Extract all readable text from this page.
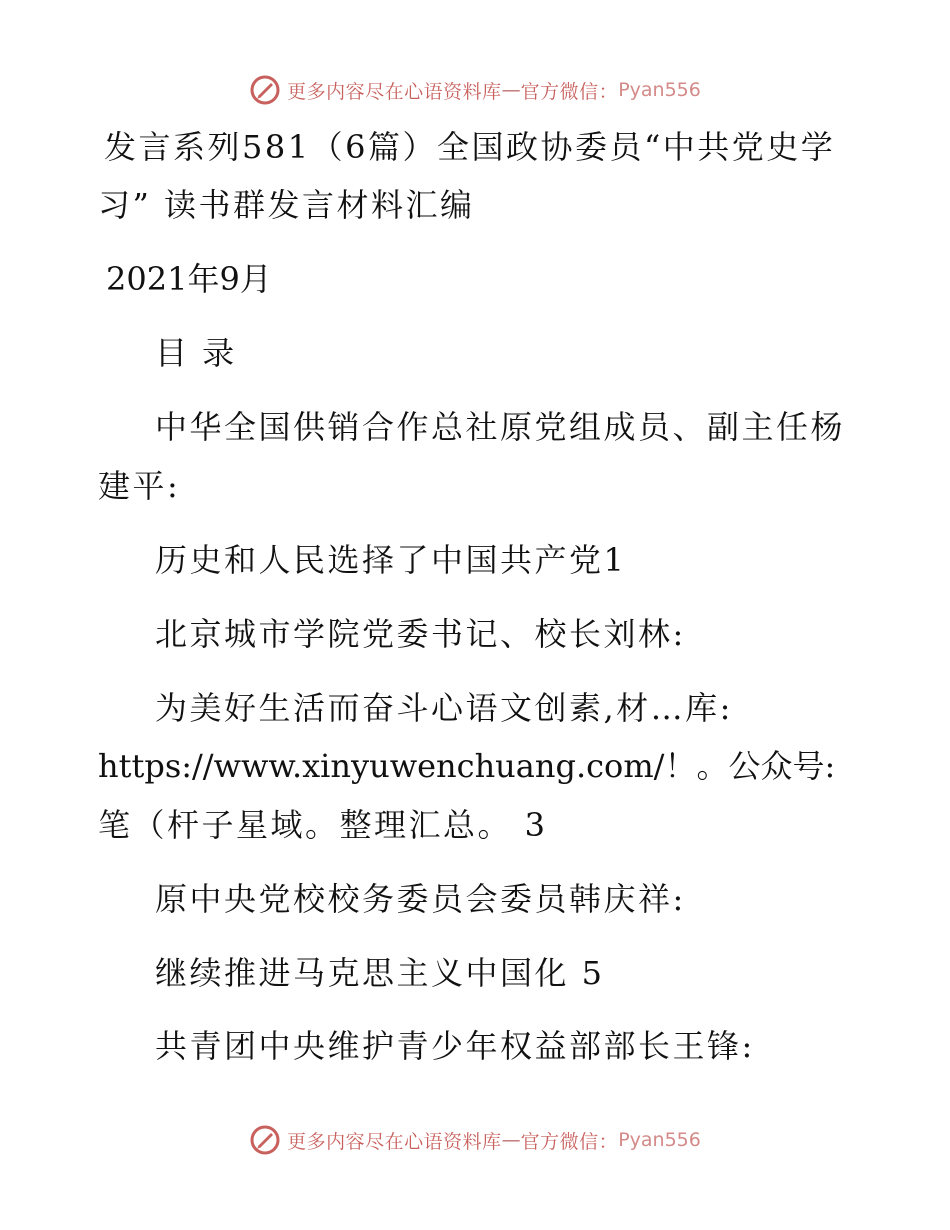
更多内容尽在心语资料库 — 官方微信： Pyan556
发言系列581（6篇）全国政协委员“中共党史学
习” 读书群发言材料汇编
2021年9月
目 录
中华全国供销合作总社原党组成员、副主任杨
建平:
历史和人民选择了中国共产党1
北京城市学院党委书记、校长刘林:
为美好生活而奋斗心语文创素,材…库:
https://www.xinyuwenchuang.com/！。公众号:
笔（杆子星域。整理汇总。 3
原中央党校校务委员会委员韩庆祥:
继续推进马克思主义中国化 5
共青团中央维护青少年权益部部长王锋:
更多内容尽在心语资料库 — 官方微信： Pyan556
